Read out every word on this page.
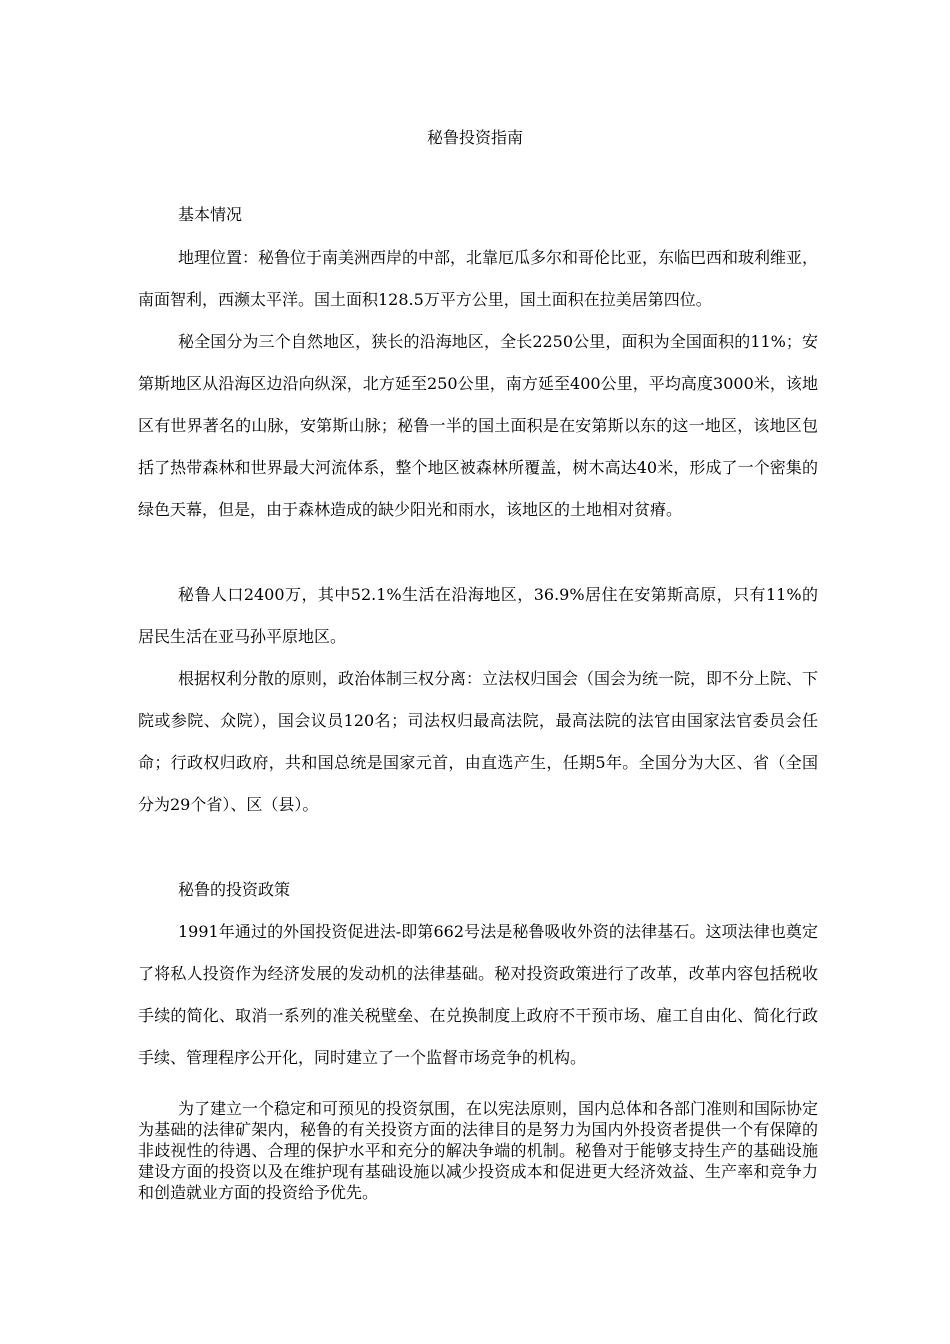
秘鲁投资指南
基本情况

地理位置：秘鲁位于南美洲西岸的中部，北靠厄瓜多尔和哥伦比亚，东临巴西和玻利维亚，南面智利，西濒太平洋。国土面积128.5万平方公里，国土面积在拉美居第四位。

秘全国分为三个自然地区，狭长的沿海地区，全长2250公里，面积为全国面积的11%；安第斯地区从沿海区边沿向纵深，北方延至250公里，南方延至400公里，平均高度3000米，该地区有世界著名的山脉，安第斯山脉；秘鲁一半的国土面积是在安第斯以东的这一地区，该地区包括了热带森林和世界最大河流体系，整个地区被森林所覆盖，树木高达40米，形成了一个密集的绿色天幕，但是，由于森林造成的缺少阳光和雨水，该地区的土地相对贫瘠。

秘鲁人口2400万，其中52.1%生活在沿海地区，36.9%居住在安第斯高原，只有11%的居民生活在亚马孙平原地区。

根据权利分散的原则，政治体制三权分离：立法权归国会（国会为统一院，即不分上院、下院或参院、众院），国会议员120名；司法权归最高法院，最高法院的法官由国家法官委员会任命；行政权归政府，共和国总统是国家元首，由直选产生，任期5年。全国分为大区、省（全国分为29个省）、区（县）。

秘鲁的投资政策

1991年通过的外国投资促进法-即第662号法是秘鲁吸收外资的法律基石。这项法律也奠定了将私人投资作为经济发展的发动机的法律基础。秘对投资政策进行了改革，改革内容包括税收手续的简化、取消一系列的准关税壁垒、在兑换制度上政府不干预市场、雇工自由化、简化行政手续、管理程序公开化，同时建立了一个监督市场竞争的机构。

为了建立一个稳定和可预见的投资氛围，在以宪法原则，国内总体和各部门准则和国际协定为基础的法律矿架内，秘鲁的有关投资方面的法律目的是努力为国内外投资者提供一个有保障的非歧视性的待遇、合理的保护水平和充分的解决争端的机制。秘鲁对于能够支持生产的基础设施建设方面的投资以及在维护现有基础设施以减少投资成本和促进更大经济效益、生产率和竞争力和创造就业方面的投资给予优先。
